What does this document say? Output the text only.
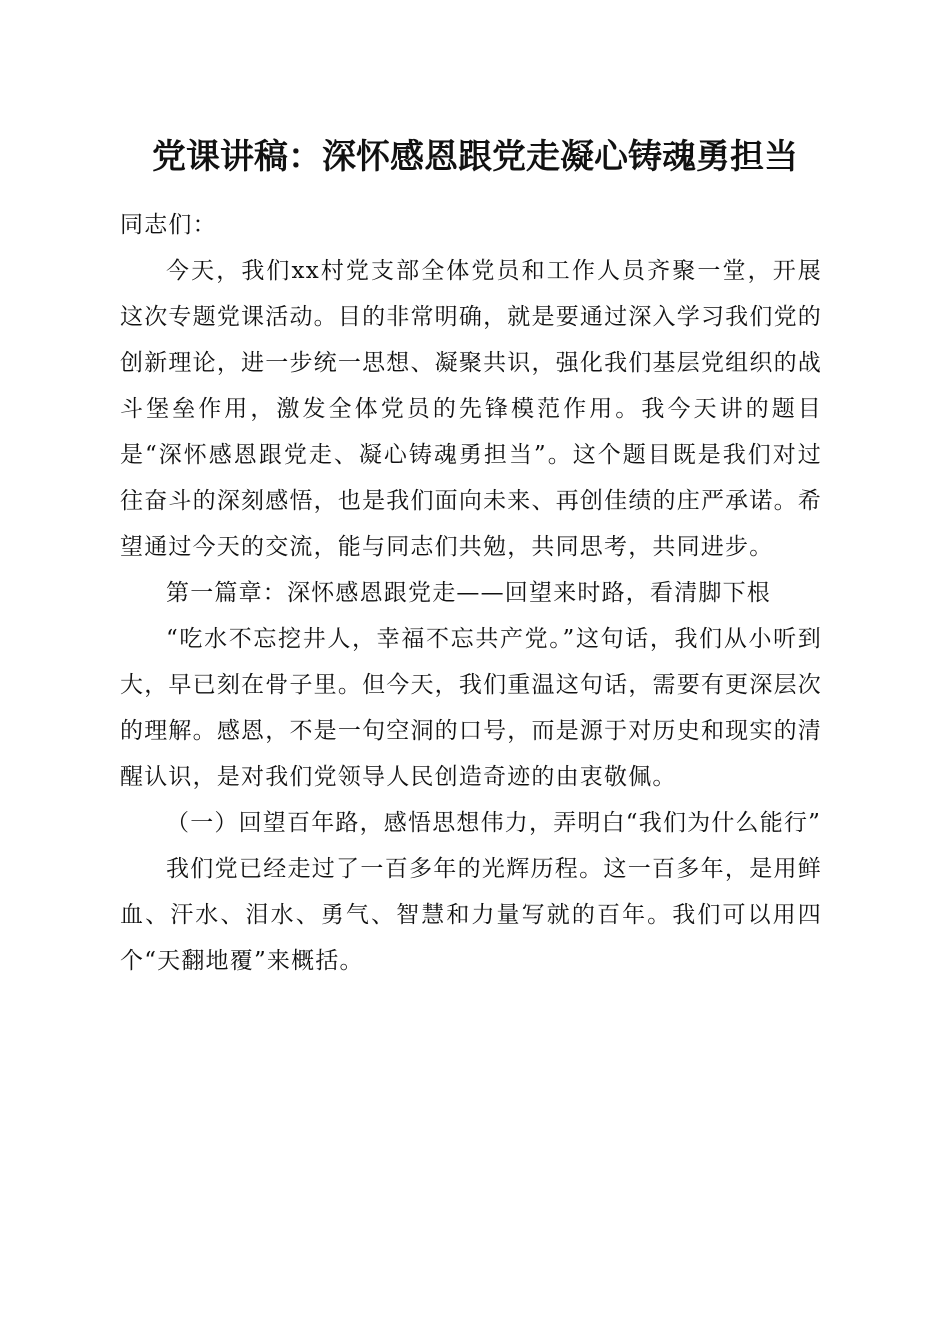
党课讲稿：深怀感恩跟党走凝心铸魂勇担当

同志们：

今天，我们xx村党支部全体党员和工作人员齐聚一堂，开展这次专题党课活动。目的非常明确，就是要通过深入学习我们党的创新理论，进一步统一思想、凝聚共识，强化我们基层党组织的战斗堡垒作用，激发全体党员的先锋模范作用。我今天讲的题目是“深怀感恩跟党走、凝心铸魂勇担当”。这个题目既是我们对过往奋斗的深刻感悟，也是我们面向未来、再创佳绩的庄严承诺。希望通过今天的交流，能与同志们共勉，共同思考，共同进步。

第一篇章：深怀感恩跟党走——回望来时路，看清脚下根

“吃水不忘挖井人，幸福不忘共产党。”这句话，我们从小听到大，早已刻在骨子里。但今天，我们重温这句话，需要有更深层次的理解。感恩，不是一句空洞的口号，而是源于对历史和现实的清醒认识，是对我们党领导人民创造奇迹的由衷敬佩。

（一）回望百年路，感悟思想伟力，弄明白“我们为什么能行”

我们党已经走过了一百多年的光辉历程。这一百多年，是用鲜血、汗水、泪水、勇气、智慧和力量写就的百年。我们可以用四个“天翻地覆”来概括。
